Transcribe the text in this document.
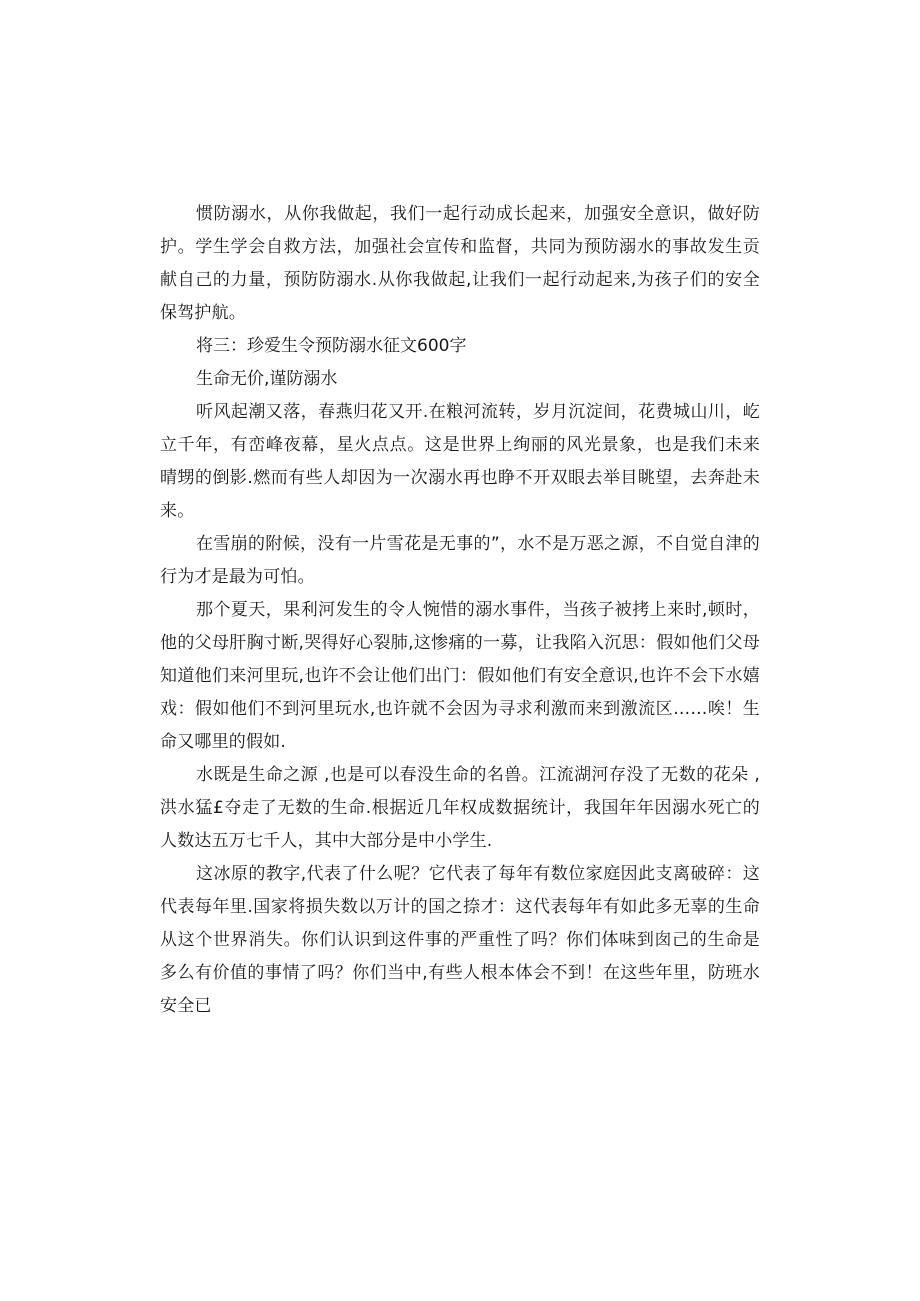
惯防溺水，从你我做起，我们一起行动成长起来，加强安全意识，做好防护。学生学会自救方法，加强社会宣传和监督，共同为预防溺水的事故发生贡献自己的力量，预防防溺水.从你我做起,让我们一起行动起来,为孩子们的安全保驾护航。

将三：珍爱生令预防溺水征文600字

生命无价,谨防溺水

听风起潮又落，春燕归花又开.在粮河流转，岁月沉淀间，花费城山川，屹立千年，有峦峰夜幕，星火点点。这是世界上绚丽的风光景象，也是我们未来晴甥的倒影.燃而有些人却因为一次溺水再也睁不开双眼去举目眺望，去奔赴未来。

在雪崩的附候，没有一片雪花是无事的”，水不是万恶之源，不自觉自津的行为才是最为可怕。

那个夏天，果利河发生的令人惋惜的溺水事件，当孩子被拷上来时,顿时，他的父母肝胸寸断,哭得好心裂肺,这惨痛的一募，让我陷入沉思：假如他们父母知道他们来河里玩,也许不会让他们出门：假如他们有安全意识,也许不会下水嬉戏：假如他们不到河里玩水,也许就不会因为寻求利激而来到激流区……唉！生命又哪里的假如.

水既是生命之源 ,也是可以春没生命的名兽。江流湖河存没了无数的花朵 ,洪水猛£夺走了无数的生命.根据近几年权成数据统计，我国年年因溺水死亡的人数达五万七千人，其中大部分是中小学生.

这冰原的教字,代表了什么呢？它代表了每年有数位家庭因此支离破碎：这代表每年里.国家将损失数以万计的国之捺才：这代表每年有如此多无辜的生命从这个世界消失。你们认识到这件事的严重性了吗？你们体味到囱己的生命是多么有价值的事情了吗？你们当中,有些人根本体会不到！在这些年里，防班水安全已
